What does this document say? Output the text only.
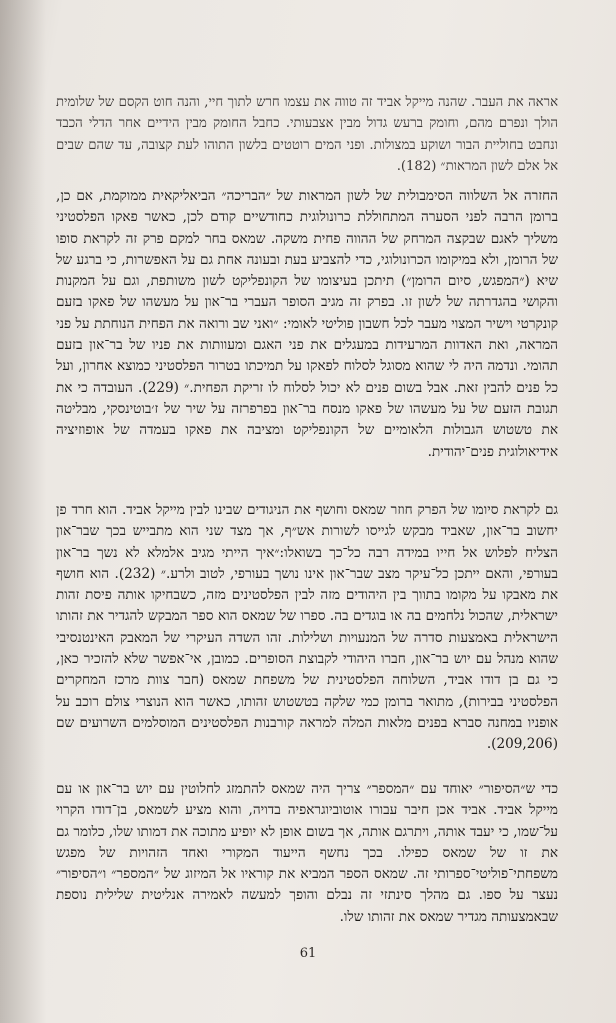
אראה את העבר. שהנה מייקל אביד זה טווה את עצמו חרש לתוך חיי, והנה חוט הקסם של שלומית הולך ונפרם מהם, וחומק ברעש גדול מבין אצבעותי. כחבל החומק מבין הידיים אחר הדלי הכבד ונחבט בחוליית הבור ושוקע במצולות. ופני המים רוטטים בלשון התוהו לעת קצובה, עד שהם שבים אל אלם לשון המראות״ (182).

החזרה אל השלווה הסימבולית של לשון המראות של ״הבריכה״ הביאליקאית ממוקמת, אם כן, ברומן הרבה לפני הסערה המתחוללת כרונולוגית כחודשיים קודם לכן, כאשר פאקו הפלסטיני משליך לאגם שבקצה המרחק של ההווה פחית משקה. שמאס בחר למקם פרק זה לקראת סופו של הרומן, ולא במיקומו הכרונולוגי, כדי להצביע בעת ובעונה אחת גם על האפשרות, כי ברגע של שיא (״המפגש, סיום הרומן״) תיתכן בעיצומו של הקונפליקט לשון משותפת, וגם על המקנות והקושי בהגדרתה של לשון זו. בפרק זה מגיב הסופר העברי בר־און על מעשהו של פאקו בזעם קונקרטי וישיר המצוי מעבר לכל חשבון פוליטי לאומי: ״ואני שב ורואה את הפחית הנוחתת על פני המראה, ואת האדוות המרעידות במעגלים את פני האגם ומעוותות את פניו של בר־און בזעם תהומי. ונדמה היה לי שהוא מסוגל לסלוח לפאקו על תמיכתו בטרור הפלסטיני כמוצא אחרון, ועל כל פנים להבין זאת. אבל בשום פנים לא יכול לסלוח לו זריקת הפחית.״ (229). העובדה כי את תגובת הזעם של על מעשהו של פאקו מנסח בר־און בפרפרזה על שיר של ז׳בוטינסקי, מבליטה את טשטוש הגבולות הלאומיים של הקונפליקט ומציבה את פאקו בעמדה של אופוזיציה אידיאולוגית פנים־יהודית.

גם לקראת סיומו של הפרק חוזר שמאס וחושף את הניגודים שבינו לבין מייקל אביד. הוא חרד פן יחשוב בר־און, שאביד מבקש לגייסו לשורות אש״ף, אך מצד שני הוא מתבייש בכך שבר־און הצליח לפלוש אל חייו במידה רבה כל־כך בשואלו:״איך הייתי מגיב אלמלא לא נשך בר־און בעורפי, והאם ייתכן כל־עיקר מצב שבר־און אינו נושך בעורפי, לטוב ולרע.״ (232). הוא חושף את מאבקו על מקומו בתווך בין היהודים מזה לבין הפלסטינים מזה, כשבחיקו אותה פיסת זהות ישראלית, שהכול נלחמים בה או בוגדים בה. ספרו של שמאס הוא ספר המבקש להגדיר את זהותו הישראלית באמצעות סדרה של המנעויות ושלילות. זהו השדה העיקרי של המאבק האינטנסיבי שהוא מנהל עם יוש בר־און, חברו היהודי לקבוצת הסופרים. כמובן, אי־אפשר שלא להזכיר כאן, כי גם בן דודו אביד, השלוחה הפלסטינית של משפחת שמאס (חבר צוות מרכז המחקרים הפלסטיני בבירות), מתואר ברומן כמי שלקה בטשטוש זהותו, כאשר הוא הנוצרי צולם רוכב על אופניו במחנה סברא בפנים מלאות המלה למראה קורבנות הפלסטינים המוסלמים השרועים שם (209,206).

כדי ש״הסיפור״ יאוחד עם ״המספר״ צריך היה שמאס להתמזג לחלוטין עם יוש בר־און או עם מייקל אביד. אביד אכן חיבר עבורו אוטוביוגראפיה בדויה, והוא מציע לשמאס, בן־דודו הקרוי על־שמו, כי יעבד אותה, ויתרגם אותה, אך בשום אופן לא יופיע מתוכה את דמותו שלו, כלומר גם את זו של שמאס כפילו. בכך נחשף הייעוד המקורי ואחד הזהויות של מפגש משפחתי־פוליטי־ספרותי זה. שמאס הספר המביא את קוראיו אל המיזוג של ״המספר״ ו״הסיפור״ נעצר על ספו. גם מהלך סינתזי זה נבלם והופך למעשה לאמירה אנליטית שלילית נוספת שבאמצעותה מגדיר שמאס את זהותו שלו.

61
